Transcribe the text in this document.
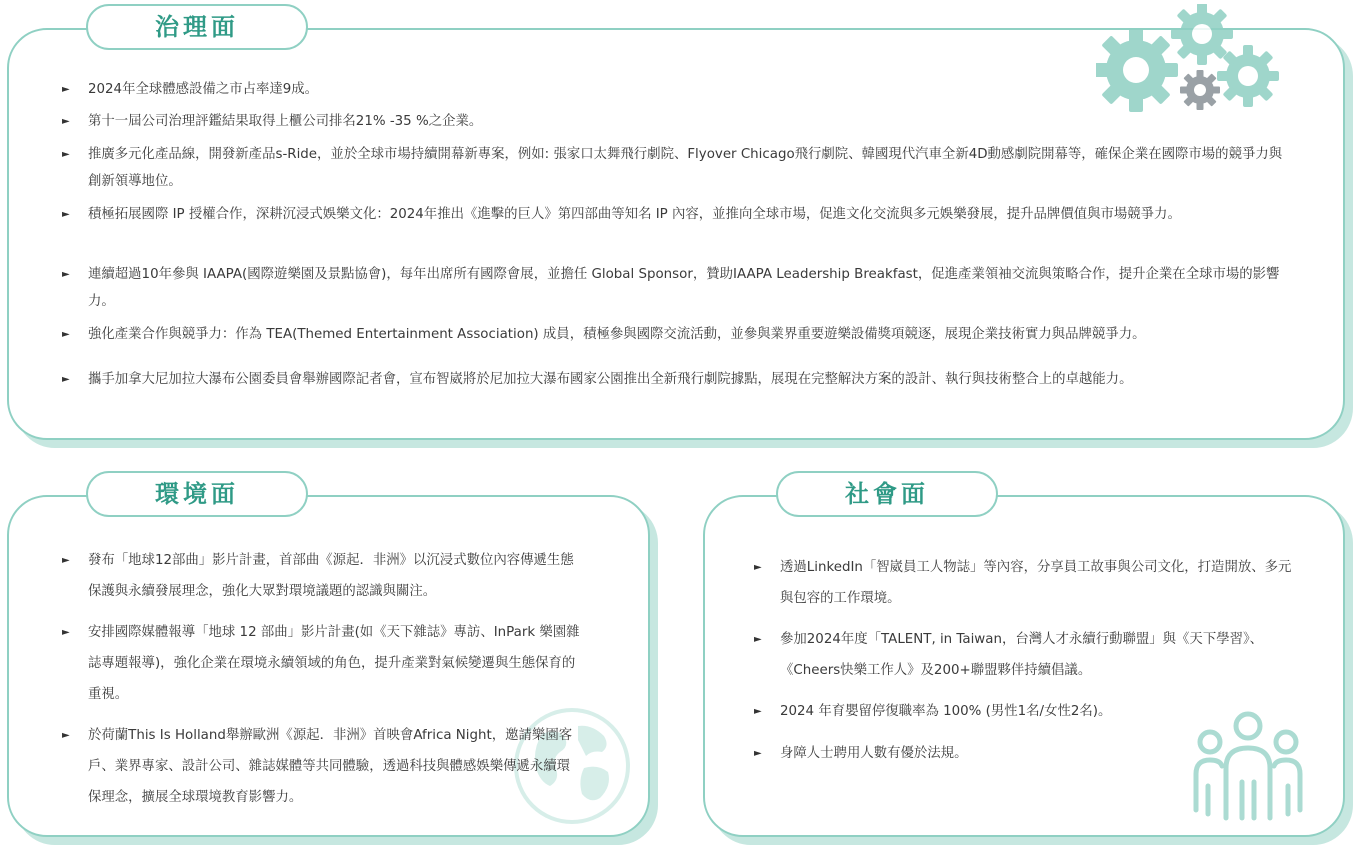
治理面
► 2024年全球體感設備之市占率達9成。
► 第十一屆公司治理評鑑結果取得上櫃公司排名21% -35 %之企業。
► 推廣多元化產品線，開發新產品s-Ride，並於全球市場持續開幕新專案，例如: 張家口太舞飛行劇院、Flyover Chicago飛行劇院、韓國現代汽車全新4D動感劇院開幕等，確保企業在國際市場的競爭力與創新領導地位。
► 積極拓展國際 IP 授權合作，深耕沉浸式娛樂文化：2024年推出《進擊的巨人》第四部曲等知名 IP 內容，並推向全球市場，促進文化交流與多元娛樂發展，提升品牌價值與市場競爭力。
► 連續超過10年參與 IAAPA(國際遊樂園及景點協會)，每年出席所有國際會展，並擔任 Global Sponsor，贊助IAAPA Leadership Breakfast，促進產業領袖交流與策略合作，提升企業在全球市場的影響力。
► 強化產業合作與競爭力：作為 TEA(Themed Entertainment Association) 成員，積極參與國際交流活動，並參與業界重要遊樂設備獎項競逐，展現企業技術實力與品牌競爭力。
► 攜手加拿大尼加拉大瀑布公園委員會舉辦國際記者會，宣布智崴將於尼加拉大瀑布國家公園推出全新飛行劇院據點，展現在完整解決方案的設計、執行與技術整合上的卓越能力。
環境面
► 發布「地球12部曲」影片計畫，首部曲《源起．非洲》以沉浸式數位內容傳遞生態保護與永續發展理念，強化大眾對環境議題的認識與關注。
► 安排國際媒體報導「地球 12 部曲」影片計畫(如《天下雜誌》專訪、InPark 樂園雜誌專題報導)，強化企業在環境永續領域的角色，提升產業對氣候變遷與生態保育的重視。
► 於荷蘭This Is Holland舉辦歐洲《源起．非洲》首映會Africa Night，邀請樂園客戶、業界專家、設計公司、雜誌媒體等共同體驗，透過科技與體感娛樂傳遞永續環保理念，擴展全球環境教育影響力。
社會面
► 透過LinkedIn「智崴員工人物誌」等內容，分享員工故事與公司文化，打造開放、多元與包容的工作環境。
► 參加2024年度「TALENT, in Taiwan，台灣人才永續行動聯盟」與《天下學習》、《Cheers快樂工作人》及200+聯盟夥伴持續倡議。
► 2024 年育嬰留停復職率為 100% (男性1名/女性2名)。
► 身障人士聘用人數有優於法規。
